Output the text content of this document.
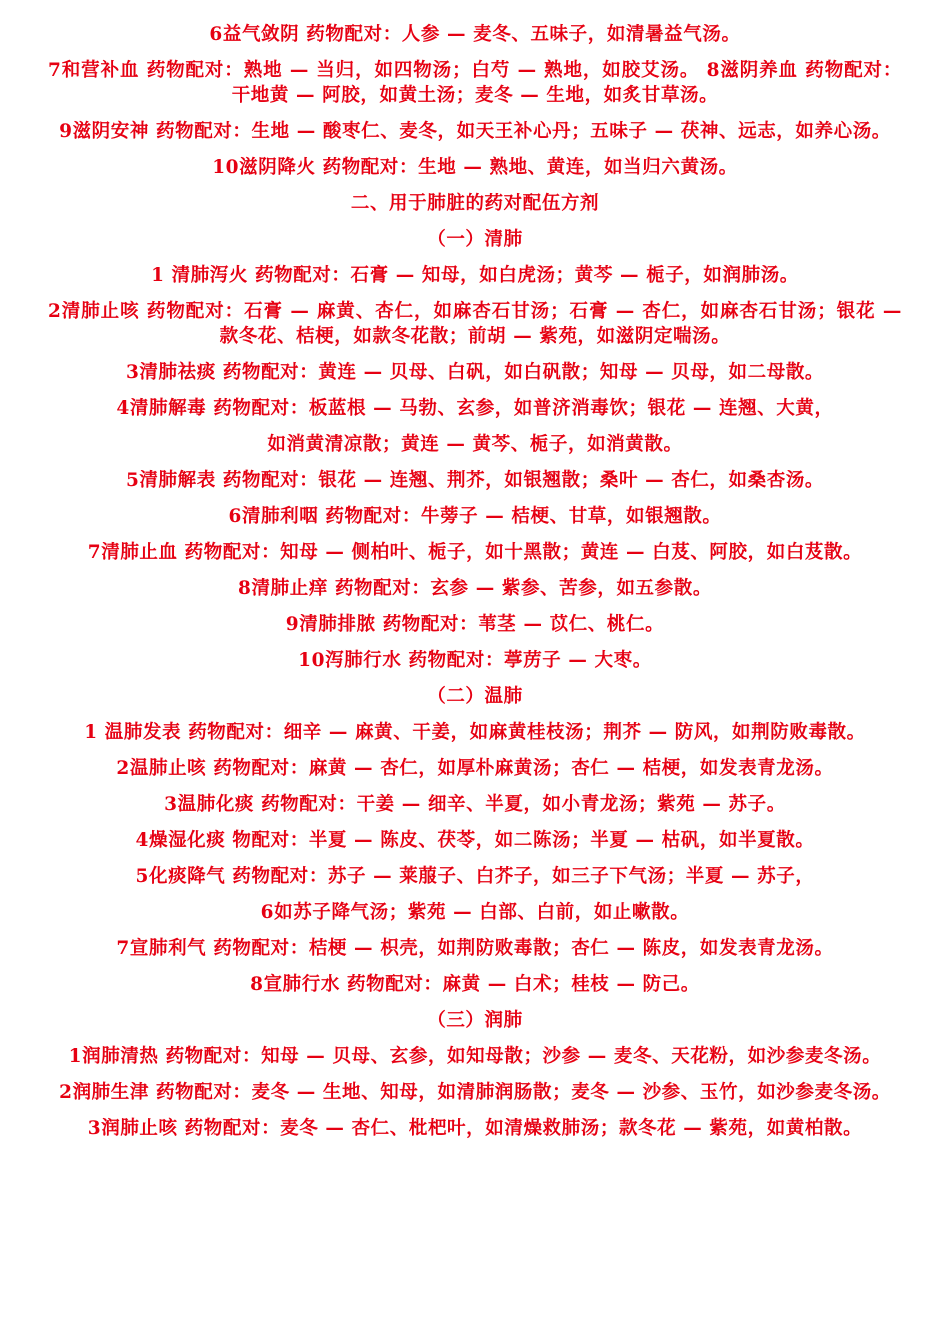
6益气敛阴 药物配对：人参 — 麦冬、五味子，如清暑益气汤。

7和营补血 药物配对：熟地 — 当归，如四物汤；白芍 — 熟地，如胶艾汤。 8滋阴养血 药物配对：干地黄 — 阿胶，如黄土汤；麦冬 — 生地，如炙甘草汤。

9滋阴安神 药物配对：生地 — 酸枣仁、麦冬，如天王补心丹；五味子 — 茯神、远志，如养心汤。

10滋阴降火 药物配对：生地 — 熟地、黄连，如当归六黄汤。

二、用于肺脏的药对配伍方剂

（一）清肺

1 清肺泻火 药物配对：石膏 — 知母，如白虎汤；黄芩 — 栀子，如润肺汤。

2清肺止咳 药物配对：石膏 — 麻黄、杏仁，如麻杏石甘汤；石膏 — 杏仁，如麻杏石甘汤；银花 — 款冬花、桔梗，如款冬花散；前胡 — 紫苑，如滋阴定喘汤。

3清肺祛痰 药物配对：黄连 — 贝母、白矾，如白矾散；知母 — 贝母，如二母散。

4清肺解毒 药物配对：板蓝根 — 马勃、玄参，如普济消毒饮；银花 — 连翘、大黄，

如消黄清凉散；黄连 — 黄芩、栀子，如消黄散。

5清肺解表 药物配对：银花 — 连翘、荆芥，如银翘散；桑叶 — 杏仁，如桑杏汤。

6清肺利咽 药物配对：牛蒡子 — 桔梗、甘草，如银翘散。

7清肺止血 药物配对：知母 — 侧柏叶、栀子，如十黑散；黄连 — 白芨、阿胶，如白芨散。

8清肺止痒 药物配对：玄参 — 紫参、苦参，如五参散。

9清肺排脓 药物配对：苇茎 — 苡仁、桃仁。

10泻肺行水 药物配对：葶苈子 — 大枣。

（二）温肺

1 温肺发表 药物配对：细辛 — 麻黄、干姜，如麻黄桂枝汤；荆芥 — 防风，如荆防败毒散。

2温肺止咳 药物配对：麻黄 — 杏仁，如厚朴麻黄汤；杏仁 — 桔梗，如发表青龙汤。

3温肺化痰 药物配对：干姜 — 细辛、半夏，如小青龙汤；紫苑 — 苏子。

4燥湿化痰 物配对：半夏 — 陈皮、茯苓，如二陈汤；半夏 — 枯矾，如半夏散。

5化痰降气 药物配对：苏子 — 莱菔子、白芥子，如三子下气汤；半夏 — 苏子，

6如苏子降气汤；紫苑 — 白部、白前，如止嗽散。

7宣肺利气 药物配对：桔梗 — 枳壳，如荆防败毒散；杏仁 — 陈皮，如发表青龙汤。

8宣肺行水 药物配对：麻黄 — 白术；桂枝 — 防己。

（三）润肺

1润肺清热 药物配对：知母 — 贝母、玄参，如知母散；沙参 — 麦冬、天花粉，如沙参麦冬汤。

2润肺生津 药物配对：麦冬 — 生地、知母，如清肺润肠散；麦冬 — 沙参、玉竹，如沙参麦冬汤。

3润肺止咳 药物配对：麦冬 — 杏仁、枇杷叶，如清燥救肺汤；款冬花 — 紫苑，如黄柏散。
